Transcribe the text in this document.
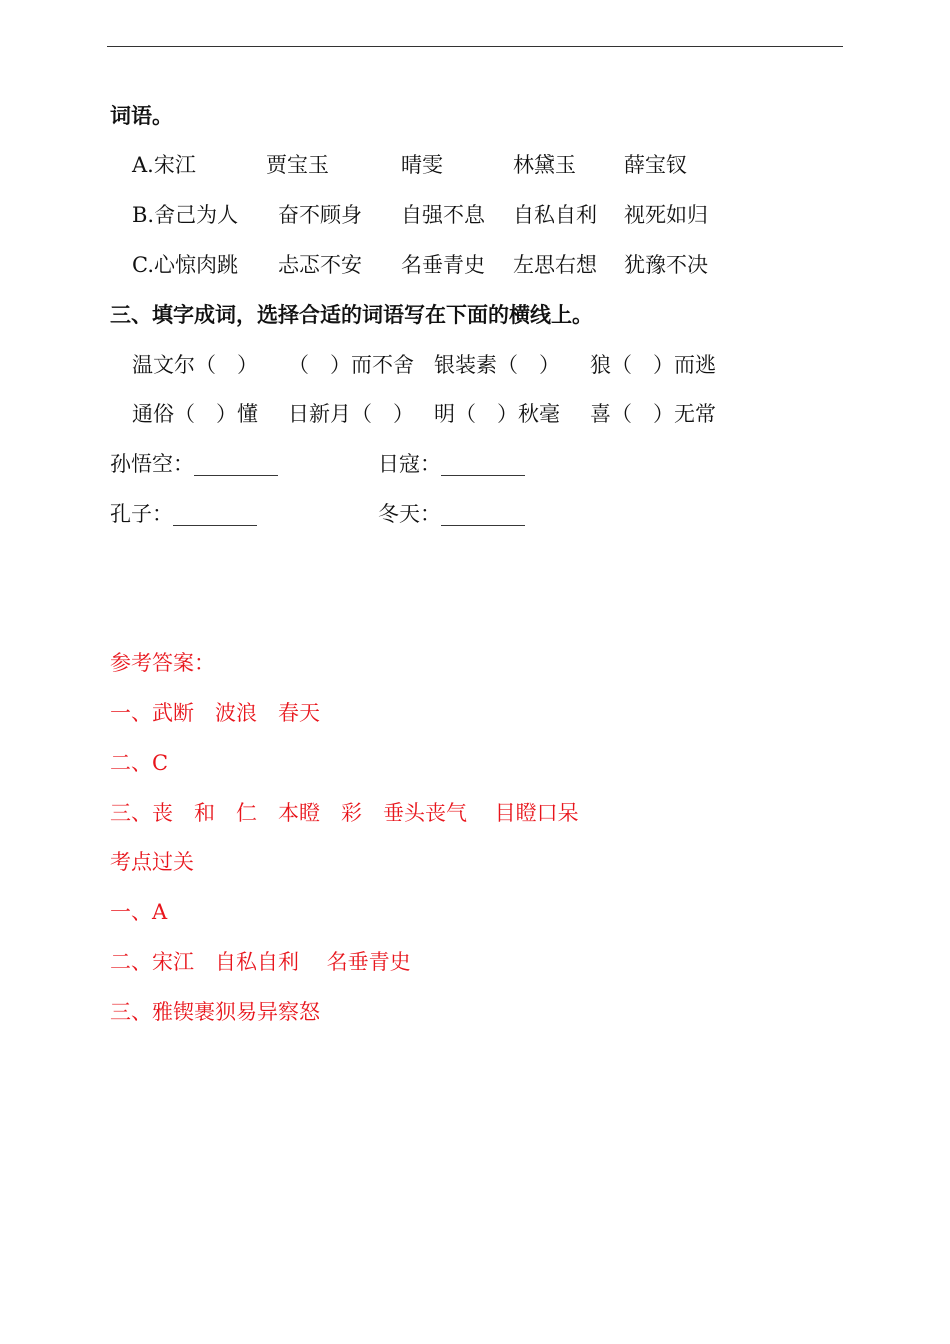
词语。
A.宋江	贾宝玉	晴雯	林黛玉 薛宝钗
B.舍己为人 奋不顾身 自强不息 自私自利 视死如归
C.心惊肉跳 忐忑不安 名垂青史 左思右想 犹豫不决
三、填字成词，选择合适的词语写在下面的横线上。
温文尔（　） （　）而不舍 银装素（　） 狼（　）而逃
通俗（　）懂 日新月（　） 明（　）秋毫 喜（　）无常
孙悟空：________	日寇：________
孔子：________	冬天：________
参考答案：
一、武断　波浪　春天
二、C
三、丧　和　仁　本瞪　彩　垂头丧气　 目瞪口呆
考点过关
一、A
二、宋江　自私自利　 名垂青史
三、雅锲裹狈易异察怒
